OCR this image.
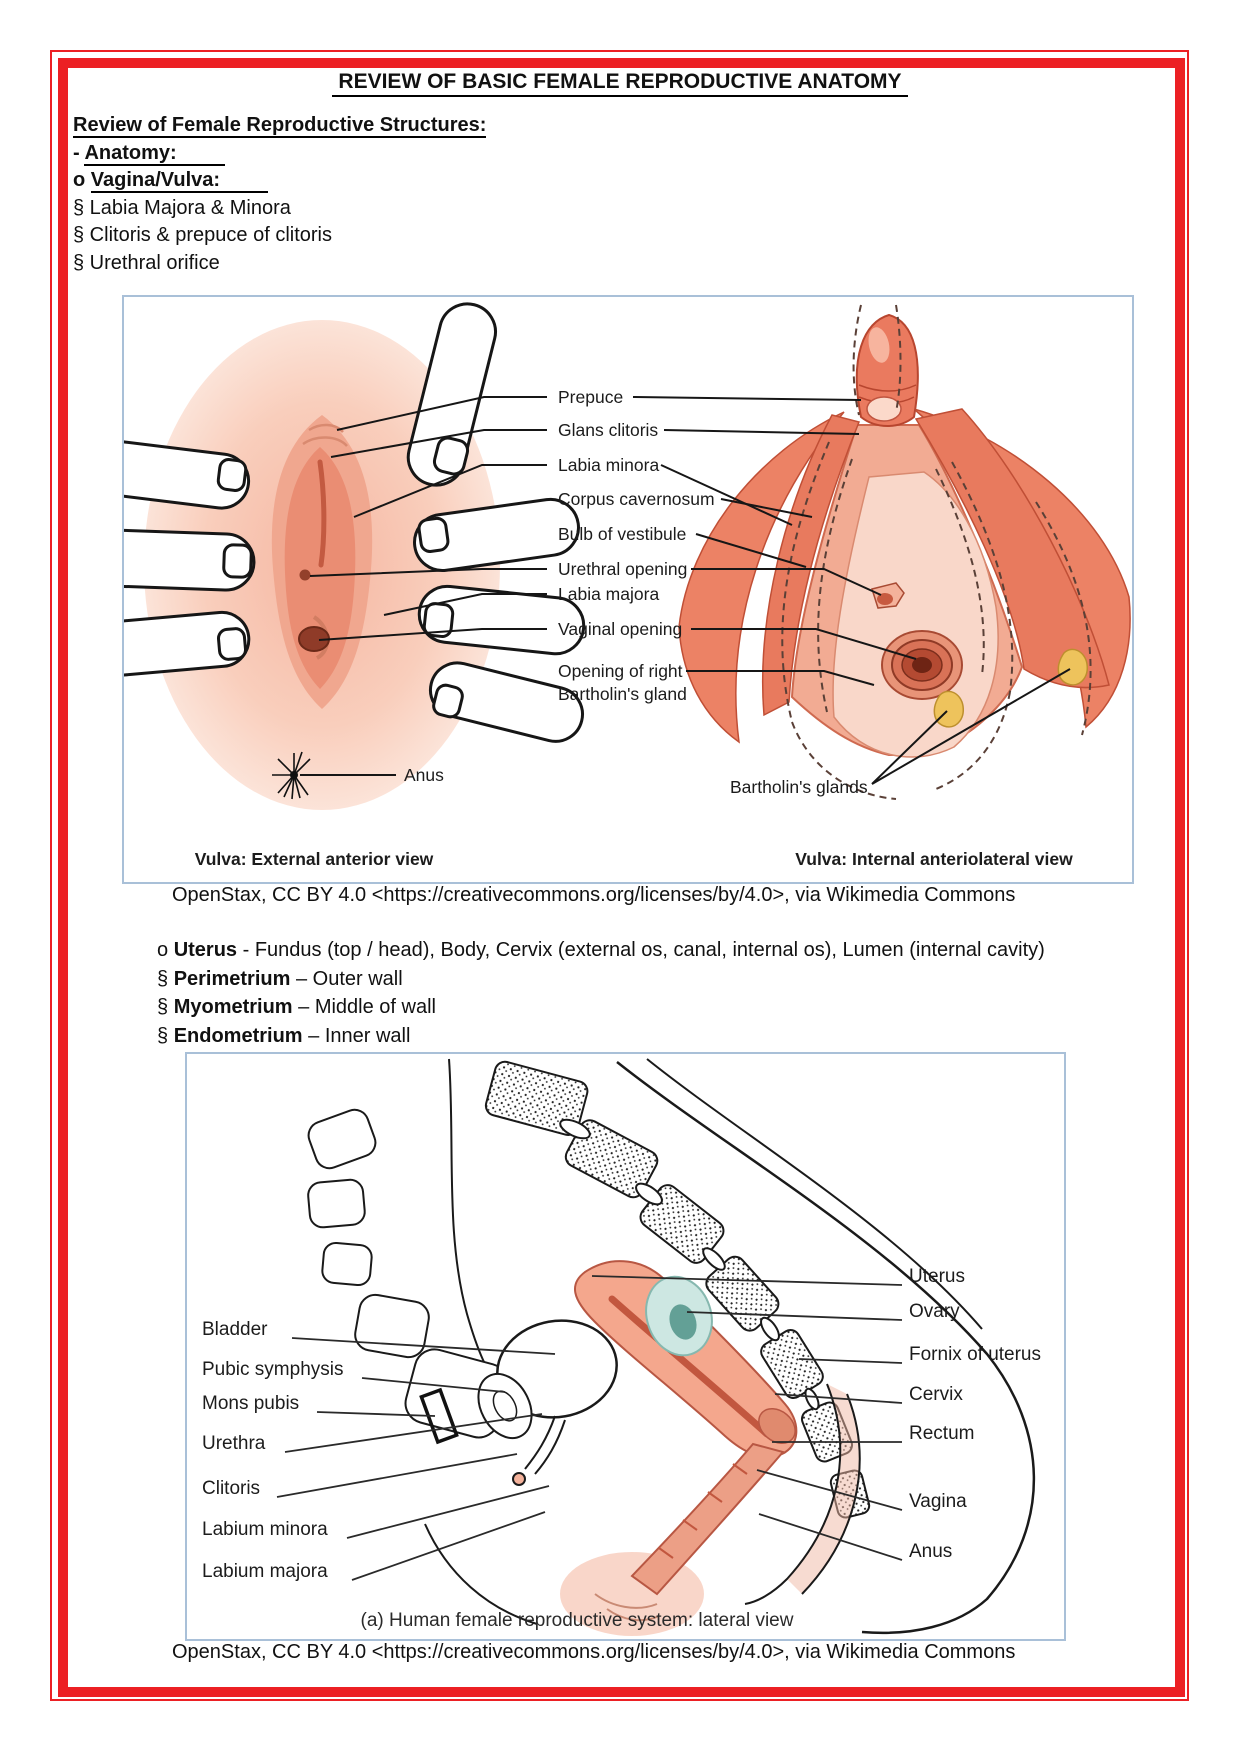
REVIEW OF BASIC FEMALE REPRODUCTIVE ANATOMY
Review of Female Reproductive Structures:
- Anatomy:
o Vagina/Vulva:
§ Labia Majora & Minora
§ Clitoris & prepuce of clitoris
§ Urethral orifice
Prepuce
Glans clitoris
Labia minora
Corpus cavernosum
Bulb of vestibule
Urethral opening
Labia majora
Vaginal opening
Opening of right
Bartholin's gland
Anus
Bartholin's glands
Vulva: External anterior view	Vulva: Internal anteriolateral view
OpenStax, CC BY 4.0 <https://creativecommons.org/licenses/by/4.0>, via Wikimedia Commons
o Uterus - Fundus (top / head), Body, Cervix (external os, canal, internal os), Lumen (internal cavity)
§ Perimetrium – Outer wall
§ Myometrium – Middle of wall
§ Endometrium – Inner wall
Bladder
Pubic symphysis
Mons pubis
Urethra
Clitoris
Labium minora
Labium majora
Uterus
Ovary
Fornix of uterus
Cervix
Rectum
Vagina
Anus
(a) Human female reproductive system: lateral view
OpenStax, CC BY 4.0 <https://creativecommons.org/licenses/by/4.0>, via Wikimedia Commons
